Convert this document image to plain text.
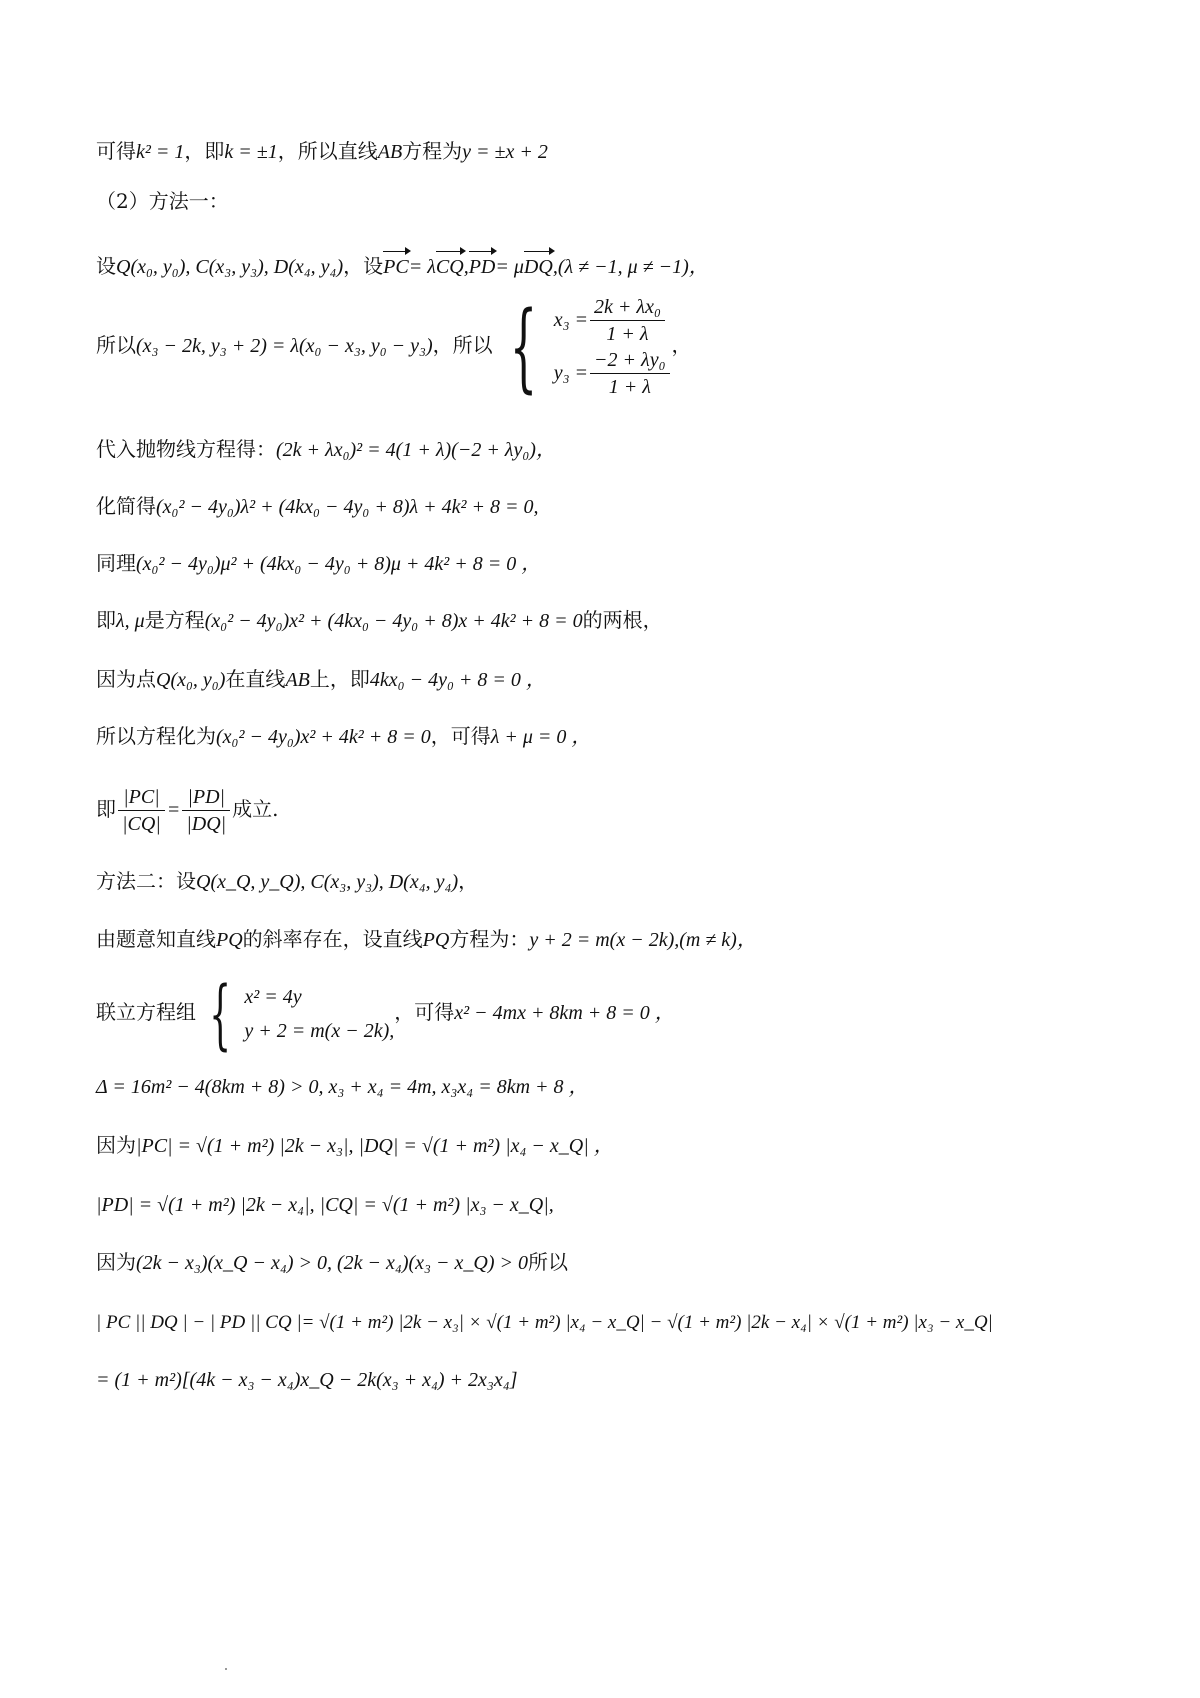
可得k² = 1，即k = ±1，所以直线AB方程为y = ±x + 2
（2）方法一：
设Q(x₀, y₀), C(x₃, y₃), D(x₄, y₄)，设PC= λCQ,PD= μDQ,(λ ≠ −1, μ ≠ −1)，
所以(x₃ − 2k, y₃ + 2) = λ(x₀ − x₃, y₀ − y₃)，所以 { $x_3 = \frac{\text{2k + λx₀}}{1 + \lambda}$
$y_3 = \frac{\text{−2 + λy₀}}{1 + \lambda}$
，
代入抛物线方程得：(2k + λx₀)² = 4(1 + λ)(−2 + λy₀)，
化简得(x₀² − 4y₀)λ² + (4kx₀ − 4y₀ + 8)λ + 4k² + 8 = 0,
同理(x₀² − 4y₀)μ² + (4kx₀ − 4y₀ + 8)μ + 4k² + 8 = 0 ，
即λ, μ是方程(x₀² − 4y₀)x² + (4kx₀ − 4y₀ + 8)x + 4k² + 8 = 0的两根，
因为点Q(x₀, y₀)在直线AB上，即4kx₀ − 4y₀ + 8 = 0 ，
所以方程化为(x₀² − 4y₀)x² + 4k² + 8 = 0，可得λ + μ = 0 ，
即 $\frac{|PC|}{|CQ|} = \frac{|PD|}{|DQ|}$ 成立.
方法二：设Q(x_Q, y_Q), C(x₃, y₃), D(x₄, y₄)，
由题意知直线PQ的斜率存在，设直线PQ方程为：y + 2 = m(x − 2k),(m ≠ k)，
联立方程组 { x² = 4y
y + 2 = m(x − 2k),
，可得x² − 4mx + 8km + 8 = 0 ，
Δ = 16m² − 4(8km + 8) > 0, x₃ + x₄ = 4m, x₃x₄ = 8km + 8 ，
因为|PC| = √(1 + m²) |2k − x₃|, |DQ| = √(1 + m²) |x₄ − x_Q| ，
|PD| = √(1 + m²) |2k − x₄|, |CQ| = √(1 + m²) |x₃ − x_Q|,
因为(2k − x₃)(x_Q − x₄) > 0, (2k − x₄)(x₃ − x_Q) > 0所以
| PC || DQ | − | PD || CQ |= √(1 + m²) |2k − x₃| × √(1 + m²) |x₄ − x_Q| − √(1 + m²) |2k − x₄| × √(1 + m²) |x₃ − x_Q|
= (1 + m²)[(4k − x₃ − x₄)x_Q − 2k(x₃ + x₄) + 2x₃x₄]
